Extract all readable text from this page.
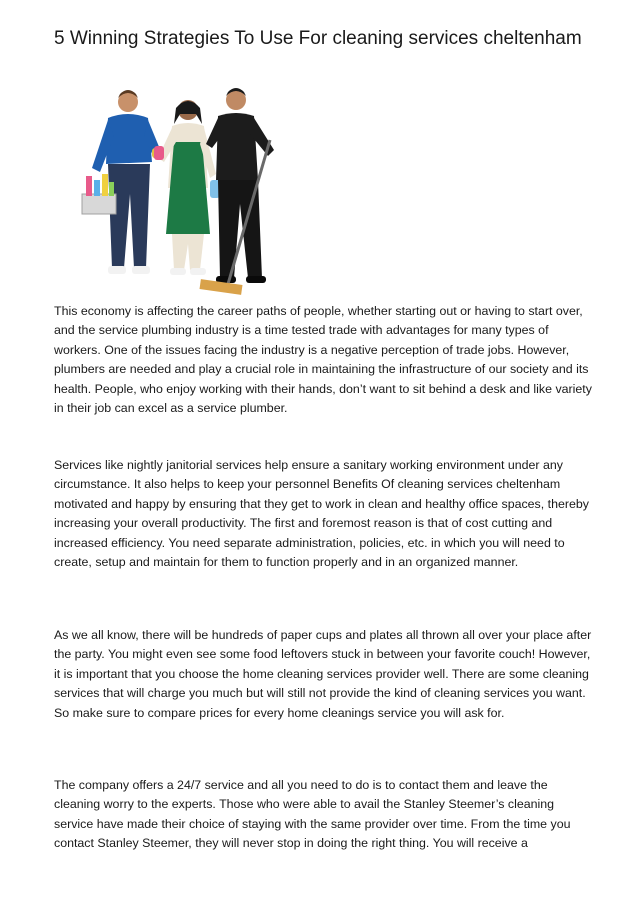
5 Winning Strategies To Use For cleaning services cheltenham

This economy is affecting the career paths of people, whether starting out or having to start over, and the service plumbing industry is a time tested trade with advantages for many types of workers. One of the issues facing the industry is a negative perception of trade jobs. However, plumbers are needed and play a crucial role in maintaining the infrastructure of our society and its health. People, who enjoy working with their hands, don’t want to sit behind a desk and like variety in their job can excel as a service plumber.

Services like nightly janitorial services help ensure a sanitary working environment under any circumstance. It also helps to keep your personnel Benefits Of cleaning services cheltenham motivated and happy by ensuring that they get to work in clean and healthy office spaces, thereby increasing your overall productivity. The first and foremost reason is that of cost cutting and increased efficiency. You need separate administration, policies, etc. in which you will need to create, setup and maintain for them to function properly and in an organized manner.

As we all know, there will be hundreds of paper cups and plates all thrown all over your place after the party. You might even see some food leftovers stuck in between your favorite couch! However, it is important that you choose the home cleaning services provider well. There are some cleaning services that will charge you much but will still not provide the kind of cleaning services you want. So make sure to compare prices for every home cleanings service you will ask for.

The company offers a 24/7 service and all you need to do is to contact them and leave the cleaning worry to the experts. Those who were able to avail the Stanley Steemer’s cleaning service have made their choice of staying with the same provider over time. From the time you contact Stanley Steemer, they will never stop in doing the right thing. You will receive a
